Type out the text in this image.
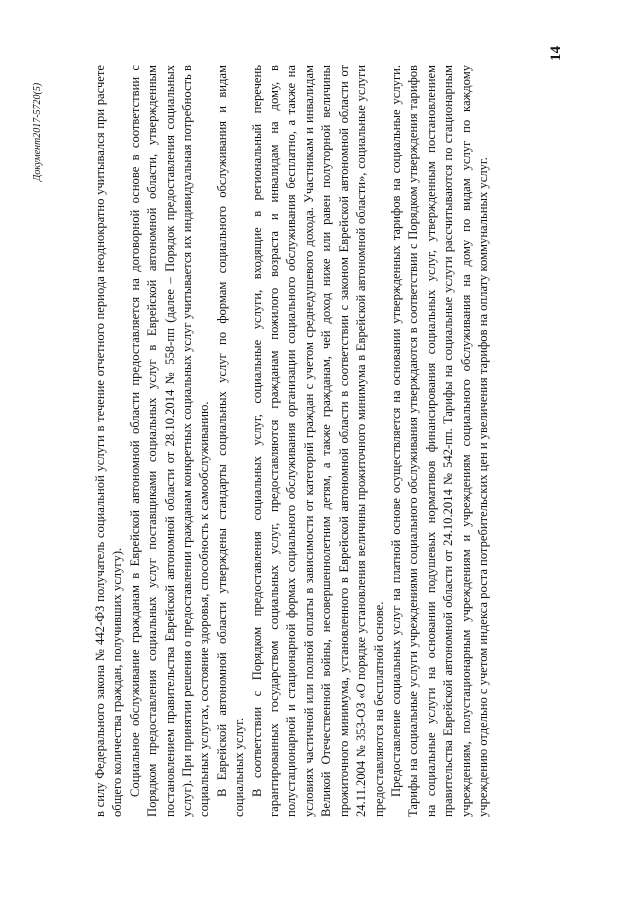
14

в силу Федерального закона № 442-ФЗ получатель социальной услуги в течение отчетного периода неоднократно учитывался при расчете общего количества граждан, получивших услугу). Социальное обслуживание гражданам в Еврейской автономной области предоставляется на договорной основе в соответствии с Порядком предоставления социальных услуг поставщиками социальных услуг в Еврейской автономной области, утвержденным постановлением правительства Еврейской автономной области от 28.10.2014 № 558-пп (далее – Порядок предоставления социальных услуг). При принятии решения о предоставлении гражданам конкретных социальных услуг учитывается их индивидуальная потребность в социальных услугах, состояние здоровья, способность к самообслуживанию. В Еврейской автономной области утверждены стандарты социальных услуг по формам социального обслуживания и видам социальных услуг. В соответствии с Порядком предоставления социальных услуг, социальные услуги, входящие в региональный перечень гарантированных государством социальных услуг, предоставляются гражданам пожилого возраста и инвалидам на дому, в полустационарной и стационарной формах социального обслуживания организации социального обслуживания бесплатно, а также на условиях частичной или полной оплаты в зависимости от категорий граждан с учетом среднедушевого дохода. Участникам и инвалидам Великой Отечественной войны, несовершеннолетним детям, а также гражданам, чей доход ниже или равен полуторной величины прожиточного минимума, установленного в Еврейской автономной области в соответствии с законом Еврейской автономной области от 24.11.2004 № 353-ОЗ «О порядке установления величины прожиточного минимума в Еврейской автономной области», социальные услуги предоставляются на бесплатной основе. Предоставление социальных услуг на платной основе осуществляется на основании утвержденных тарифов на социальные услуги. Тарифы на социальные услуги учреждениями социального обслуживания утверждаются в соответствии с Порядком утверждения тарифов на социальные услуги на основании подушевых нормативов финансирования социальных услуг, утвержденным постановлением правительства Еврейской автономной области от 24.10.2014 № 542-пп. Тарифы на социальные услуги рассчитываются по стационарным учреждениям, полустационарным учреждениям и учреждениям социального обслуживания на дому по видам услуг по каждому учреждению отдельно с учетом индекса роста потребительских цен и увеличения тарифов на оплату коммунальных услуг.

Документ2017-5720(5)
